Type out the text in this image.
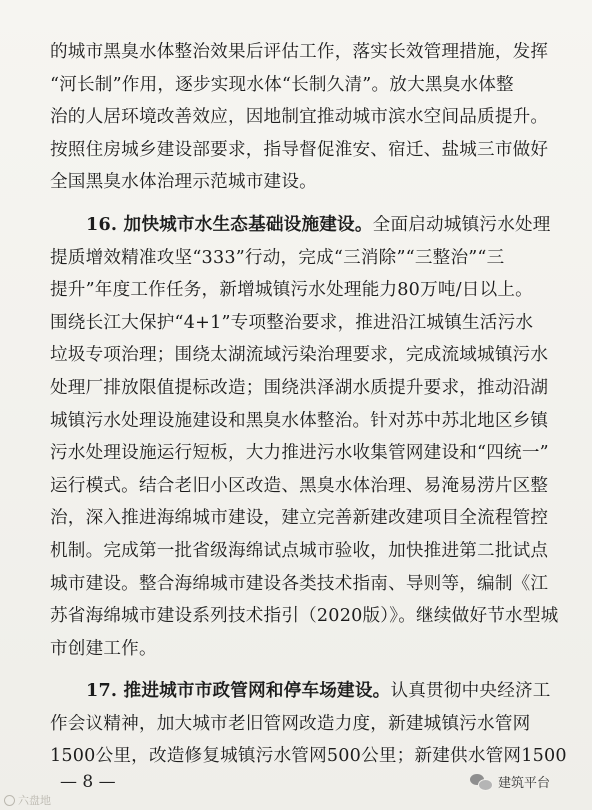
的城市黑臭水体整治效果后评估工作，落实长效管理措施，发挥
“河长制”作用，逐步实现水体“长制久清”。放大黑臭水体整
治的人居环境改善效应，因地制宜推动城市滨水空间品质提升。
按照住房城乡建设部要求，指导督促淮安、宿迁、盐城三市做好
全国黑臭水体治理示范城市建设。
16. 加快城市水生态基础设施建设。全面启动城镇污水处理
提质增效精准攻坚“333”行动，完成“三消除”“三整治”“三
提升”年度工作任务，新增城镇污水处理能力80万吨/日以上。
围绕长江大保护“4+1”专项整治要求，推进沿江城镇生活污水
垃圾专项治理；围绕太湖流域污染治理要求，完成流域城镇污水
处理厂排放限值提标改造；围绕洪泽湖水质提升要求，推动沿湖
城镇污水处理设施建设和黑臭水体整治。针对苏中苏北地区乡镇
污水处理设施运行短板，大力推进污水收集管网建设和“四统一”
运行模式。结合老旧小区改造、黑臭水体治理、易淹易涝片区整
治，深入推进海绵城市建设，建立完善新建改建项目全流程管控
机制。完成第一批省级海绵试点城市验收，加快推进第二批试点
城市建设。整合海绵城市建设各类技术指南、导则等，编制《江
苏省海绵城市建设系列技术指引（2020版）》。继续做好节水型城
市创建工作。
17. 推进城市市政管网和停车场建设。认真贯彻中央经济工
作会议精神，加大城市老旧管网改造力度，新建城镇污水管网
1500公里，改造修复城镇污水管网500公里；新建供水管网1500
— 8 —
六盘地
建筑平台
